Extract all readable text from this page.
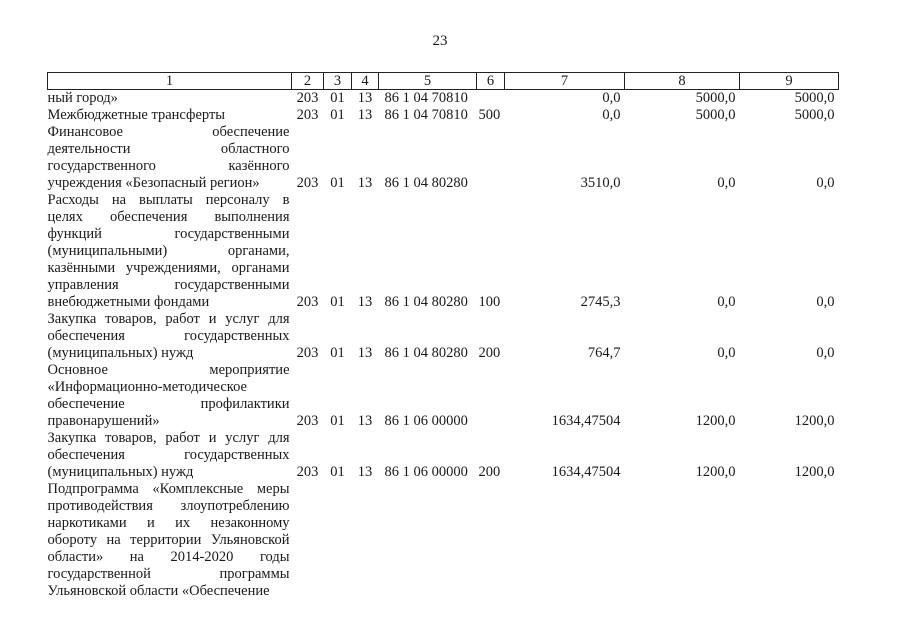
23
1	2	3	4	5	6	7	8	9
ный город»	203	01	13	86 1 04 70810		0,0	5000,0	5000,0
Межбюджетные трансферты	203	01	13	86 1 04 70810	500	0,0	5000,0	5000,0
Финансовое обеспечение деятельности областного государственного казённого учреждения «Безопасный регион»	203	01	13	86 1 04 80280		3510,0	0,0	0,0
Расходы на выплаты персоналу в целях обеспечения выполнения функций государственными (муниципальными) органами, казёнными учреждениями, органами управления государственными внебюджетными фондами	203	01	13	86 1 04 80280	100	2745,3	0,0	0,0
Закупка товаров, работ и услуг для обеспечения государственных (муниципальных) нужд	203	01	13	86 1 04 80280	200	764,7	0,0	0,0
Основное мероприятие «Информационно-методическое обеспечение профилактики правонарушений»	203	01	13	86 1 06 00000		1634,47504	1200,0	1200,0
Закупка товаров, работ и услуг для обеспечения государственных (муниципальных) нужд	203	01	13	86 1 06 00000	200	1634,47504	1200,0	1200,0
Подпрограмма «Комплексные меры противодействия злоупотреблению наркотиками и их незаконному обороту на территории Ульяновской области» на 2014-2020 годы государственной программы Ульяновской области «Обеспечение								
